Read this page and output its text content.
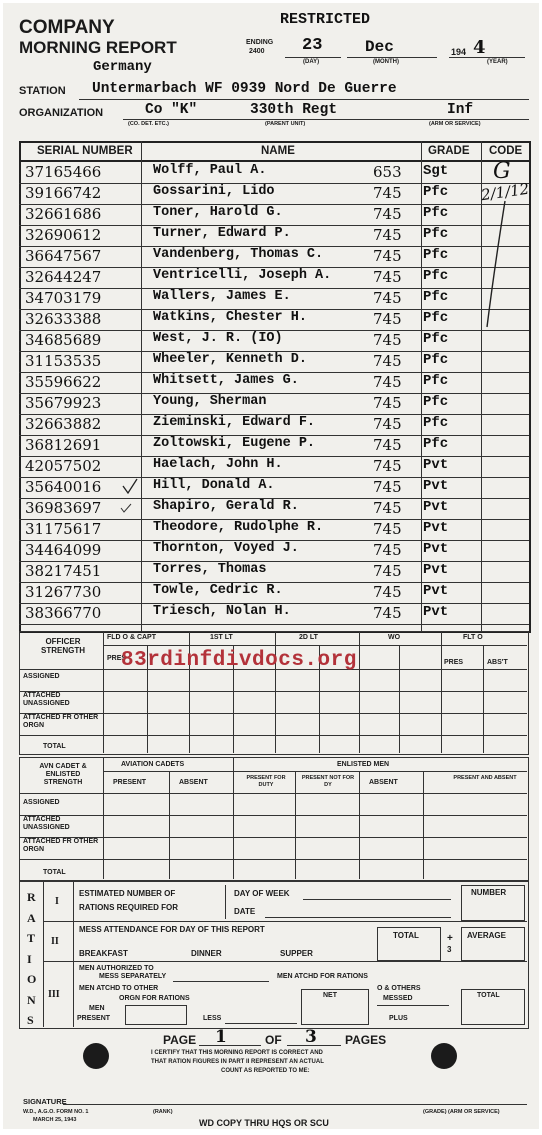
COMPANY
MORNING REPORT
RESTRICTED
ENDING
2400 23
(DAY)
Dec
(MONTH)
194 4
(YEAR)
Germany
STATION Untermarbach WF 0939 Nord De Guerre
ORGANIZATION	Co "K"	330th Regt	Inf
(CO. DET. ETC.)	(PARENT UNIT)	(ARM OR SERVICE)
SERIAL NUMBER	NAME	GRADE CODE
37165466	Wolff, Paul A.	653	Sgt
39166742	Gossarini, Lido	745	Pfc
32661686	Toner, Harold G.	745	Pfc
32690612	Turner, Edward P.	745	Pfc
36647567	Vandenberg, Thomas C.	745	Pfc
32644247	Ventricelli, Joseph A.	745	Pfc
34703179	Wallers, James E.	745	Pfc
32633388	Watkins, Chester H.	745	Pfc
34685689	West, J. R. (IO)	745	Pfc
31153535	Wheeler, Kenneth D.	745	Pfc
35596622	Whitsett, James G.	745	Pfc
35679923	Young, Sherman	745	Pfc
32663882	Zieminski, Edward F.	745	Pfc
36812691	Zoltowski, Eugene P.	745	Pfc
42057502	Haelach, John H.	745	Pvt
35640016	Hill, Donald A.	745	Pvt
36983697	Shapiro, Gerald R.	745	Pvt
31175617	Theodore, Rudolphe R.	745	Pvt
34464099	Thornton, Voyed J.	745	Pvt
38217451	Torres, Thomas	745	Pvt
31267730	Towle, Cedric R.	745	Pvt
38366770	Triesch, Nolan H.	745	Pvt
G
2/1/12
OFFICER STRENGTH
FLD O & CAPT	1ST LT	2D LT	WO	FLT O
PRES
PRES	ABS'T
ASSIGNED
ATTACHED UNASSIGNED
ATTACHED FR OTHER ORGN
TOTAL
83rdinfdivdocs.org
AVN CADET & ENLISTED STRENGTH
AVIATION CADETS	ENLISTED MEN
PRESENT	ABSENT
PRESENT FOR DUTY
PRESENT NOT FOR DY	ABSENT
PRESENT AND ABSENT
ASSIGNED
ATTACHED UNASSIGNED
ATTACHED FR OTHER ORGN
TOTAL
R
A
T
I
O
N
S
I
II
III
ESTIMATED NUMBER OF
RATIONS REQUIRED FOR
DAY OF WEEK
DATE
NUMBER
MESS ATTENDANCE FOR DAY OF THIS REPORT
BREAKFAST	DINNER	SUPPER
TOTAL	+
3
AVERAGE
MEN AUTHORIZED TO
MESS SEPARATELY	MEN ATCHD FOR RATIONS
MEN ATCHD TO OTHER
ORGN FOR RATIONS
O & OTHERS
MESSED
MEN
PRESENT	LESS
NET
PLUS
TOTAL
PAGE 1	OF 3 PAGES
I CERTIFY THAT THIS MORNING REPORT IS CORRECT AND
THAT RATION FIGURES IN PART II REPRESENT AN ACTUAL
COUNT AS REPORTED TO ME:
SIGNATURE
W.D., A.G.O. FORM NO. 1
MARCH 25, 1943
(RANK)	(GRADE) (ARM OR SERVICE)
WD COPY THRU HQS OR SCU
